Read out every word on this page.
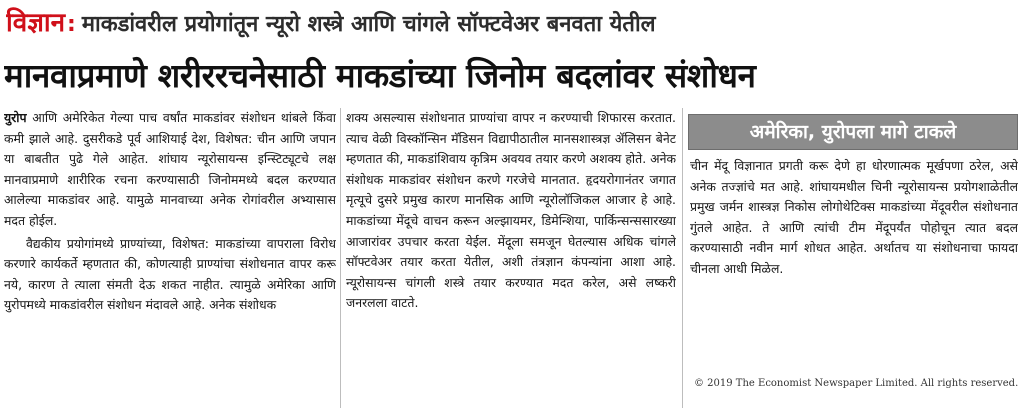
विज्ञान: माकडांवरील प्रयोगांतून न्यूरो शस्त्रे आणि चांगले सॉफ्टवेअर बनवता येतील
मानवाप्रमाणे शरीररचनेसाठी माकडांच्या जिनोम बदलांवर संशोधन

युरोप आणि अमेरिकेत गेल्या पाच वर्षांत माकडांवर संशोधन थांबले किंवा कमी झाले आहे. दुसरीकडे पूर्व आशियाई देश, विशेषत: चीन आणि जपान या बाबतीत पुढे गेले आहेत. शांघाय न्यूरोसायन्स इन्स्टिट्यूटचे लक्ष मानवाप्रमाणे शारीरिक रचना करण्यासाठी जिनोममध्ये बदल करण्यात आलेल्या माकडांवर आहे. यामुळे मानवाच्या अनेक रोगांवरील अभ्यासास मदत होईल.

वैद्यकीय प्रयोगांमध्ये प्राण्यांच्या, विशेषत: माकडांच्या वापराला विरोध करणारे कार्यकर्ते म्हणतात की, कोणत्याही प्राण्यांचा संशोधनात वापर करू नये, कारण ते त्याला संमती देऊ शकत नाहीत. त्यामुळे अमेरिका आणि युरोपमध्ये माकडांवरील संशोधन मंदावले आहे. अनेक संशोधक

शक्य असल्यास संशोधनात प्राण्यांचा वापर न करण्याची शिफारस करतात. त्याच वेळी विस्कॉन्सिन मॅडिसन विद्यापीठातील मानसशास्त्रज्ञ ॲलिसन बेनेट म्हणतात की, माकडांशिवाय कृत्रिम अवयव तयार करणे अशक्य होते. अनेक संशोधक माकडांवर संशोधन करणे गरजेचे मानतात. हृदयरोगानंतर जगात मृत्यूचे दुसरे प्रमुख कारण मानसिक आणि न्यूरोलॉजिकल आजार हे आहे. माकडांच्या मेंदूचे वाचन करून अल्झायमर, डिमेन्शिया, पार्किन्सन्ससारख्या आजारांवर उपचार करता येईल. मेंदूला समजून घेतल्यास अधिक चांगले सॉफ्टवेअर तयार करता येतील, अशी तंत्रज्ञान कंपन्यांना आशा आहे. न्यूरोसायन्स चांगली शस्त्रे तयार करण्यात मदत करेल, असे लष्करी जनरलला वाटते.

अमेरिका, युरोपला मागे टाकले

चीन मेंदू विज्ञानात प्रगती करू देणे हा धोरणात्मक मूर्खपणा ठरेल, असे अनेक तज्ज्ञांचे मत आहे. शांघायमधील चिनी न्यूरोसायन्स प्रयोगशाळेतील प्रमुख जर्मन शास्त्रज्ञ निकोस लोगोथेटिक्स माकडांच्या मेंदूवरील संशोधनात गुंतले आहेत. ते आणि त्यांची टीम मेंदूपर्यंत पोहोचून त्यात बदल करण्यासाठी नवीन मार्ग शोधत आहेत. अर्थातच या संशोधनाचा फायदा चीनला आधी मिळेल.

© 2019 The Economist Newspaper Limited. All rights reserved.
